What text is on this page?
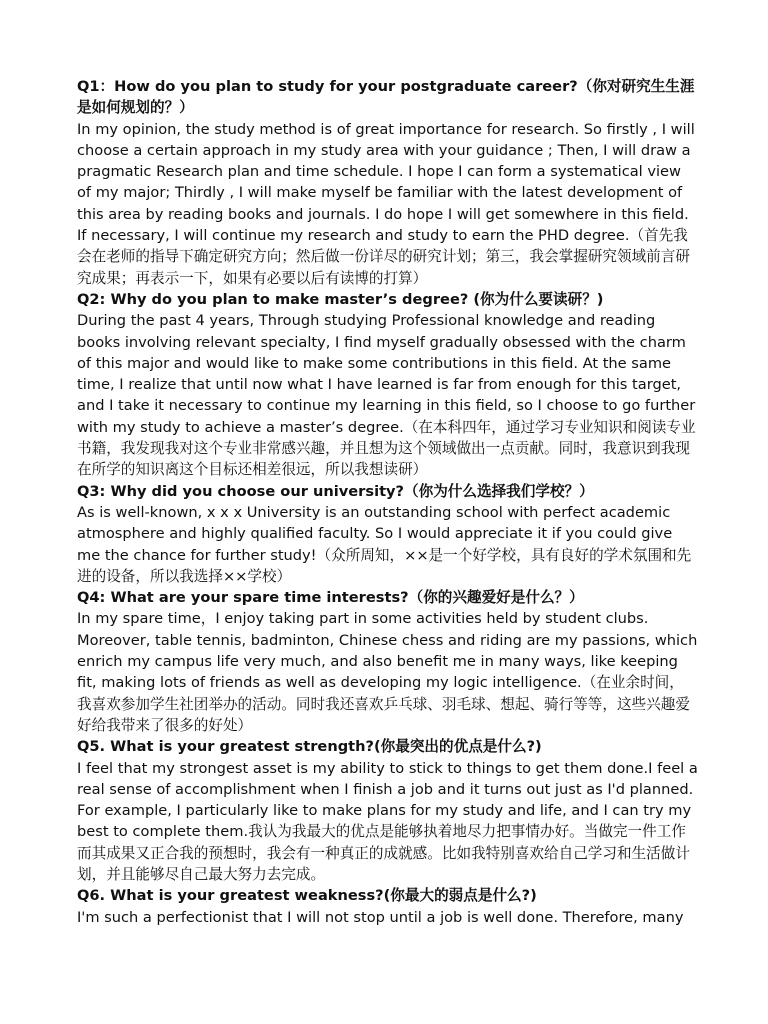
Q1：How do you plan to study for your postgraduate career?（你对研究生生涯是如何规划的？）

In my opinion, the study method is of great importance for research. So firstly , I will choose a certain approach in my study area with your guidance ; Then, I will draw a pragmatic Research plan and time schedule. I hope I can form a systematical view of my major; Thirdly , I will make myself be familiar with the latest development of this area by reading books and journals. I do hope I will get somewhere in this field. If necessary, I will continue my research and study to earn the PHD degree.（首先我会在老师的指导下确定研究方向；然后做一份详尽的研究计划；第三，我会掌握研究领域前言研究成果；再表示一下，如果有必要以后有读博的打算）

Q2: Why do you plan to make master’s degree? (你为什么要读研？)

During the past 4 years, Through studying Professional knowledge and reading books involving relevant specialty, I find myself gradually obsessed with the charm of this major and would like to make some contributions in this field. At the same time, I realize that until now what I have learned is far from enough for this target, and I take it necessary to continue my learning in this field, so I choose to go further with my study to achieve a master’s degree.（在本科四年，通过学习专业知识和阅读专业书籍，我发现我对这个专业非常感兴趣，并且想为这个领域做出一点贡献。同时，我意识到我现在所学的知识离这个目标还相差很远，所以我想读研）

Q3: Why did you choose our university?（你为什么选择我们学校？）

As is well-known, x x x University is an outstanding school with perfect academic atmosphere and highly qualified faculty. So I would appreciate it if you could give me the chance for further study!（众所周知，××是一个好学校，具有良好的学术氛围和先进的设备，所以我选择××学校）

Q4: What are your spare time interests?（你的兴趣爱好是什么？）

In my spare time，I enjoy taking part in some activities held by student clubs. Moreover, table tennis, badminton, Chinese chess and riding are my passions, which enrich my campus life very much, and also benefit me in many ways, like keeping fit, making lots of friends as well as developing my logic intelligence.（在业余时间，我喜欢参加学生社团举办的活动。同时我还喜欢乒乓球、羽毛球、想起、骑行等等，这些兴趣爱好给我带来了很多的好处）

Q5. What is your greatest strength?(你最突出的优点是什么?)

I feel that my strongest asset is my ability to stick to things to get them done.I feel a real sense of accomplishment when I finish a job and it turns out just as I'd planned. For example, I particularly like to make plans for my study and life, and I can try my best to complete them.我认为我最大的优点是能够执着地尽力把事情办好。当做完一件工作而其成果又正合我的预想时，我会有一种真正的成就感。比如我特别喜欢给自己学习和生活做计划，并且能够尽自己最大努力去完成。

Q6. What is your greatest weakness?(你最大的弱点是什么?)

I'm such a perfectionist that I will not stop until a job is well done. Therefore, many
